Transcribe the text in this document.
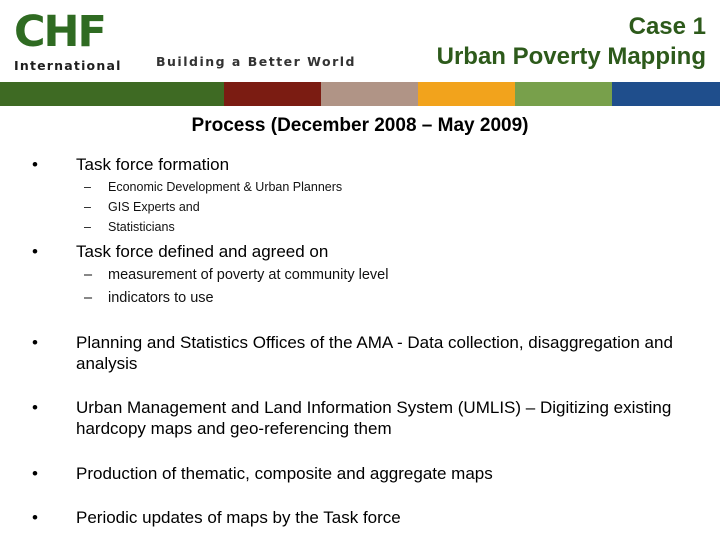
CHF
International	Building a Better World
Case 1
Urban Poverty Mapping
Process (December 2008 – May 2009)
• Task force formation
– Economic Development & Urban Planners
– GIS Experts and
– Statisticians
• Task force defined and agreed on
– measurement of poverty at community level
– indicators to use
• Planning and Statistics Offices of the AMA - Data collection, disaggregation and analysis
• Urban Management and Land Information System (UMLIS) – Digitizing existing hardcopy maps and geo-referencing them
• Production of thematic, composite and aggregate maps
• Periodic updates of maps by the Task force
